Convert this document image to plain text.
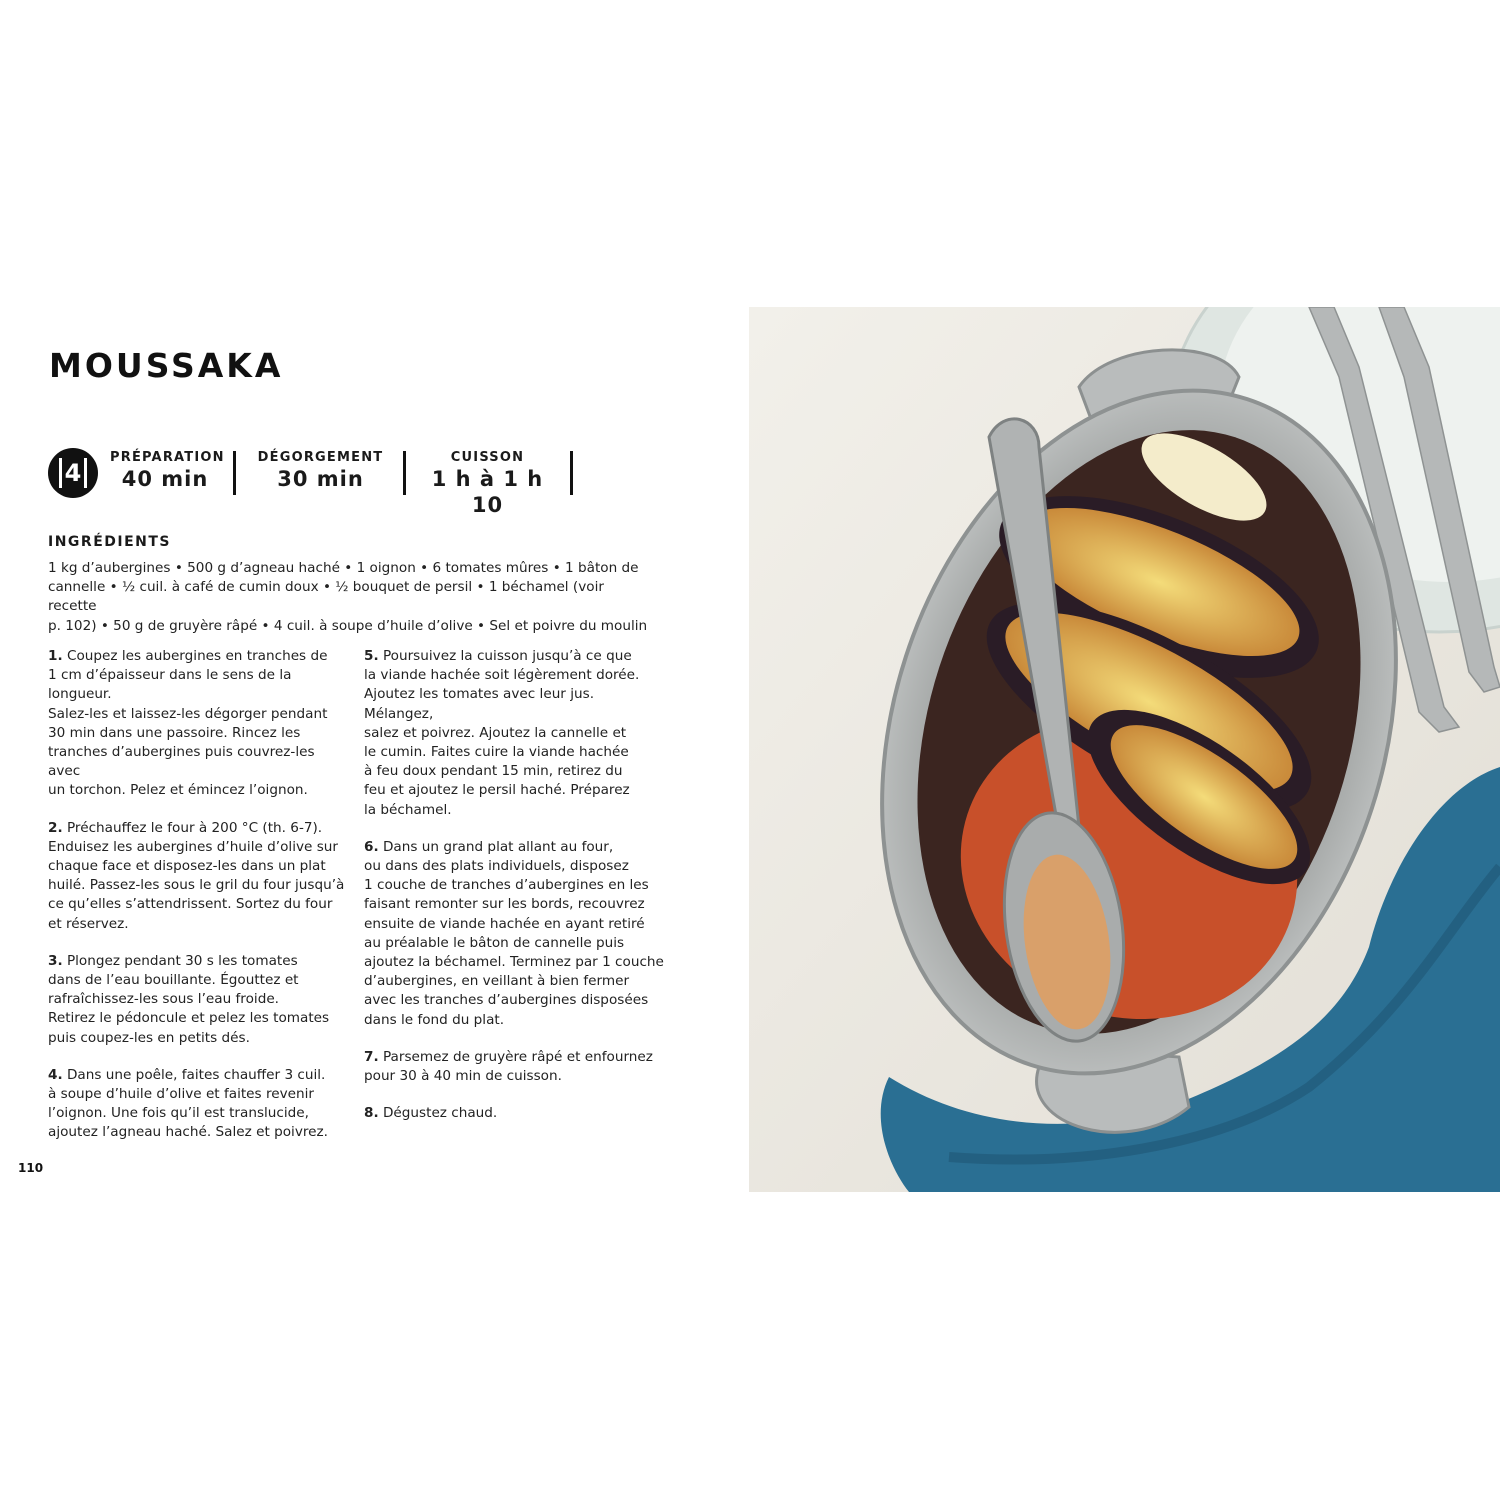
MOUSSAKA
4
PRÉPARATION
40 min
DÉGORGEMENT
30 min
CUISSON
1 h à 1 h 10
INGRÉDIENTS
1 kg d’aubergines • 500 g d’agneau haché • 1 oignon • 6 tomates mûres • 1 bâton de
cannelle • ½ cuil. à café de cumin doux • ½ bouquet de persil • 1 béchamel (voir recette
p. 102) • 50 g de gruyère râpé • 4 cuil. à soupe d’huile d’olive • Sel et poivre du moulin
1. Coupez les aubergines en tranches de
1 cm d’épaisseur dans le sens de la longueur.
Salez-les et laissez-les dégorger pendant
30 min dans une passoire. Rincez les
tranches d’aubergines puis couvrez-les avec
un torchon. Pelez et émincez l’oignon.
2. Préchauffez le four à 200 °C (th. 6-7).
Enduisez les aubergines d’huile d’olive sur
chaque face et disposez-les dans un plat
huilé. Passez-les sous le gril du four jusqu’à
ce qu’elles s’attendrissent. Sortez du four
et réservez.
3. Plongez pendant 30 s les tomates
dans de l’eau bouillante. Égouttez et
rafraîchissez-les sous l’eau froide.
Retirez le pédoncule et pelez les tomates
puis coupez-les en petits dés.
4. Dans une poêle, faites chauffer 3 cuil.
à soupe d’huile d’olive et faites revenir
l’oignon. Une fois qu’il est translucide,
ajoutez l’agneau haché. Salez et poivrez.
5. Poursuivez la cuisson jusqu’à ce que
la viande hachée soit légèrement dorée.
Ajoutez les tomates avec leur jus. Mélangez,
salez et poivrez. Ajoutez la cannelle et
le cumin. Faites cuire la viande hachée
à feu doux pendant 15 min, retirez du
feu et ajoutez le persil haché. Préparez
la béchamel.
6. Dans un grand plat allant au four,
ou dans des plats individuels, disposez
1 couche de tranches d’aubergines en les
faisant remonter sur les bords, recouvrez
ensuite de viande hachée en ayant retiré
au préalable le bâton de cannelle puis
ajoutez la béchamel. Terminez par 1 couche
d’aubergines, en veillant à bien fermer
avec les tranches d’aubergines disposées
dans le fond du plat.
7. Parsemez de gruyère râpé et enfournez
pour 30 à 40 min de cuisson.
8. Dégustez chaud.
110
